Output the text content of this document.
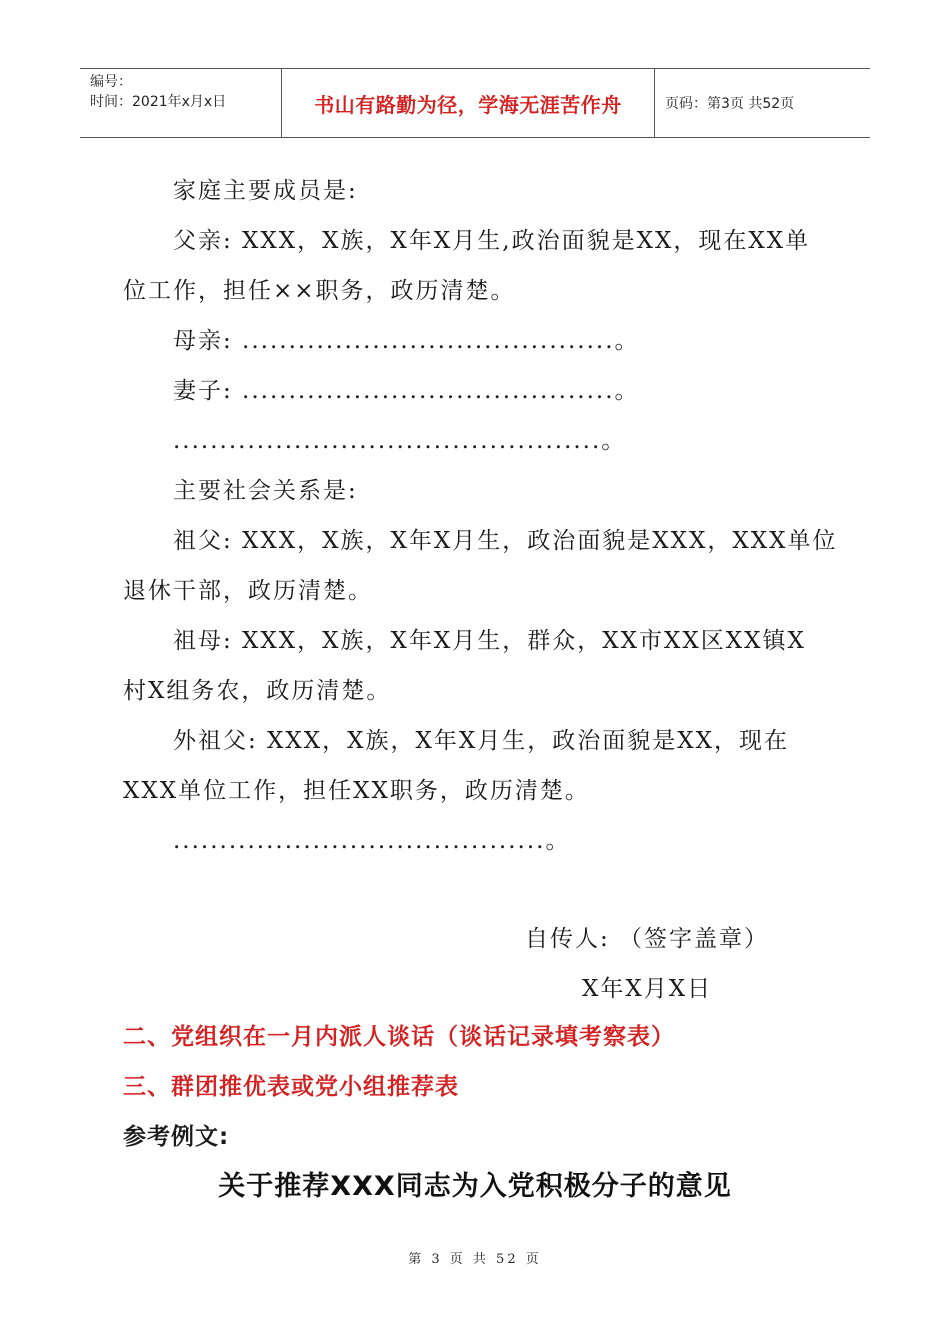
编号：
时间：2021年x月x日	书山有路勤为径，学海无涯苦作舟	页码：第3页 共52页
家庭主要成员是:
父亲: XXX，X族，X年X月生,政治面貌是XX，现在XX单
位工作，担任××职务，政历清楚。
母亲: ........................................。
妻子: ........................................。
..............................................。
主要社会关系是:
祖父: XXX，X族，X年X月生，政治面貌是XXX，XXX单位
退休干部，政历清楚。
祖母: XXX，X族，X年X月生，群众，XX市XX区XX镇X
村X组务农，政历清楚。
外祖父: XXX，X族，X年X月生，政治面貌是XX，现在
XXX单位工作，担任XX职务，政历清楚。
........................................。
自传人: （签字盖章）
X年X月X日
二、党组织在一月内派人谈话（谈话记录填考察表）
三、群团推优表或党小组推荐表
参考例文:
关于推荐XXX同志为入党积极分子的意见
第 3 页 共 52 页
